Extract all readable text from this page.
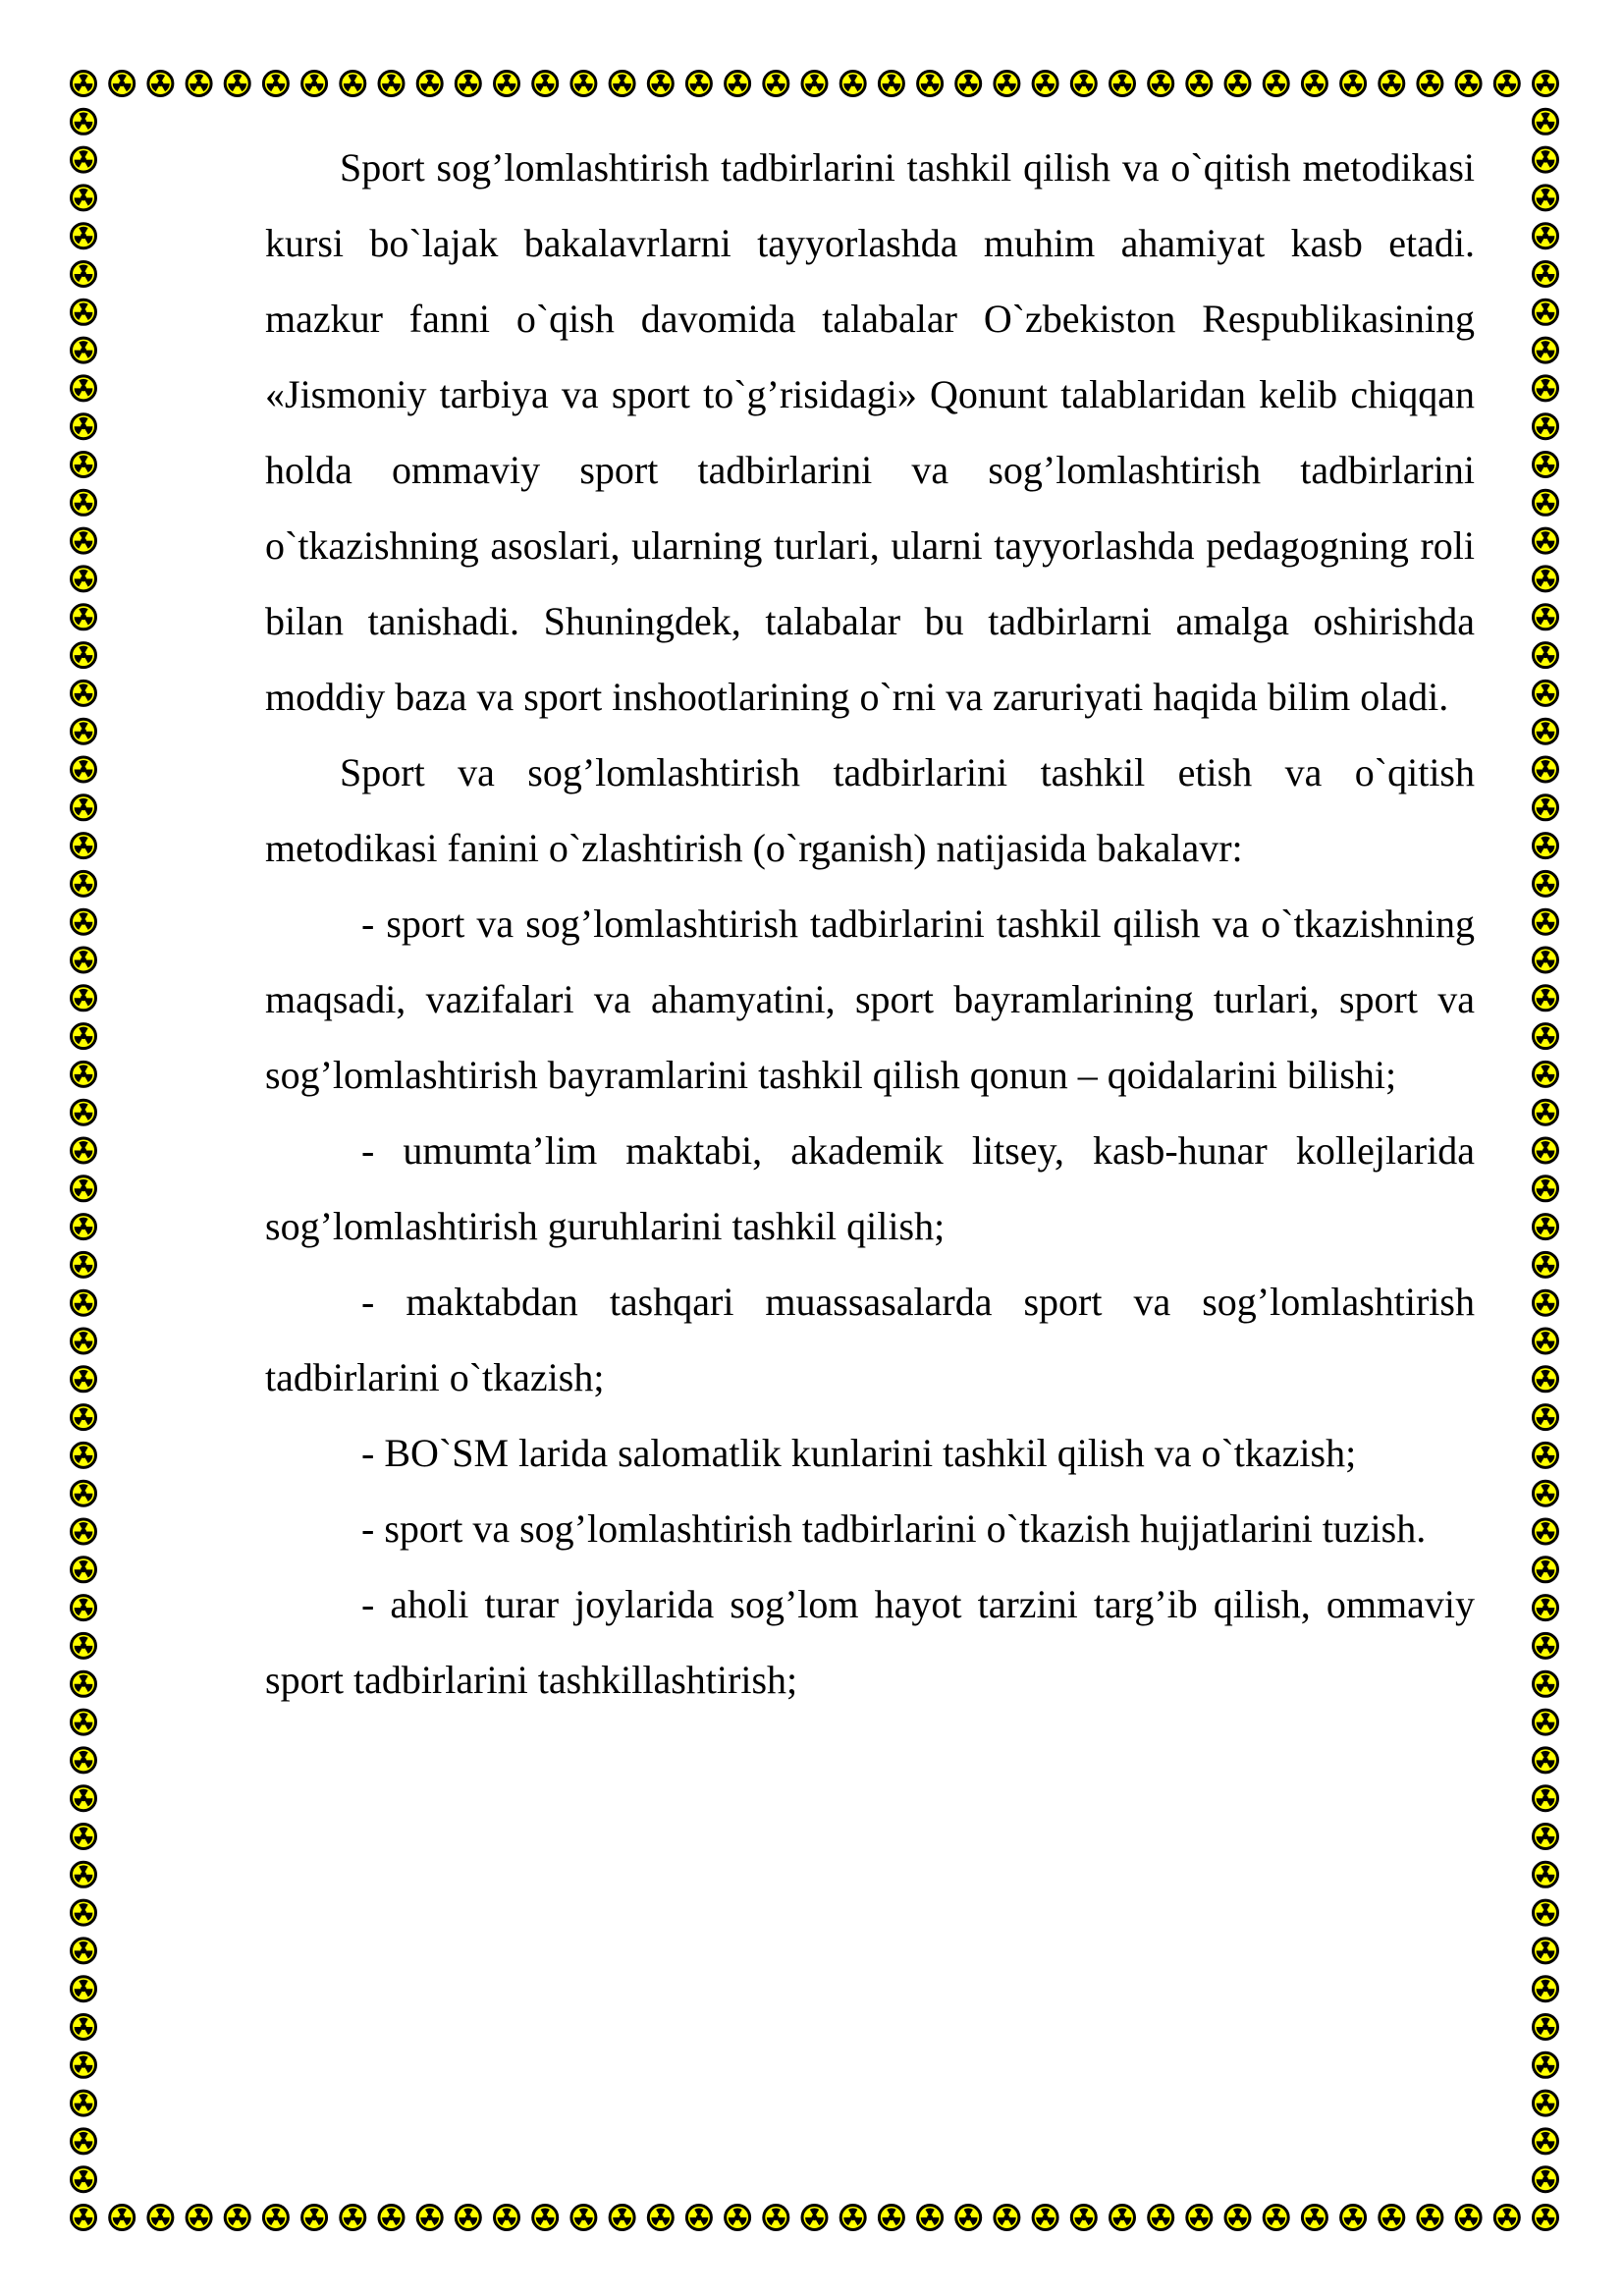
Sport sog’lomlashtirish tadbirlarini tashkil qilish va o`qitish metodikasi kursi bo`lajak bakalavrlarni tayyorlashda muhim ahamiyat kasb etadi. mazkur fanni o`qish davomida talabalar O`zbekiston Respublikasining «Jismoniy tarbiya va sport to`g’risidagi» Qonunt talablaridan kelib chiqqan holda ommaviy sport tadbirlarini va sog’lomlashtirish tadbirlarini o`tkazishning asoslari, ularning turlari, ularni tayyorlashda pedagogning roli bilan tanishadi. Shuningdek, talabalar bu tadbirlarni amalga oshirishda moddiy baza va sport inshootlarining o`rni va zaruriyati haqida bilim oladi.

Sport va sog’lomlashtirish tadbirlarini tashkil etish va o`qitish metodikasi fanini o`zlashtirish (o`rganish) natijasida bakalavr:

- sport va sog’lomlashtirish tadbirlarini tashkil qilish va o`tkazishning maqsadi, vazifalari va ahamyatini, sport bayramlarining turlari, sport va sog’lomlashtirish bayramlarini tashkil qilish qonun – qoidalarini bilishi;

- umumta’lim maktabi, akademik litsey, kasb-hunar kollejlarida sog’lomlashtirish guruhlarini tashkil qilish;

- maktabdan tashqari muassasalarda sport va sog’lomlashtirish tadbirlarini o`tkazish;

- BO`SM larida salomatlik kunlarini tashkil qilish va o`tkazish;

- sport va sog’lomlashtirish tadbirlarini o`tkazish hujjatlarini tuzish.

- aholi turar joylarida sog’lom hayot tarzini targ’ib qilish, ommaviy sport tadbirlarini tashkillashtirish;
